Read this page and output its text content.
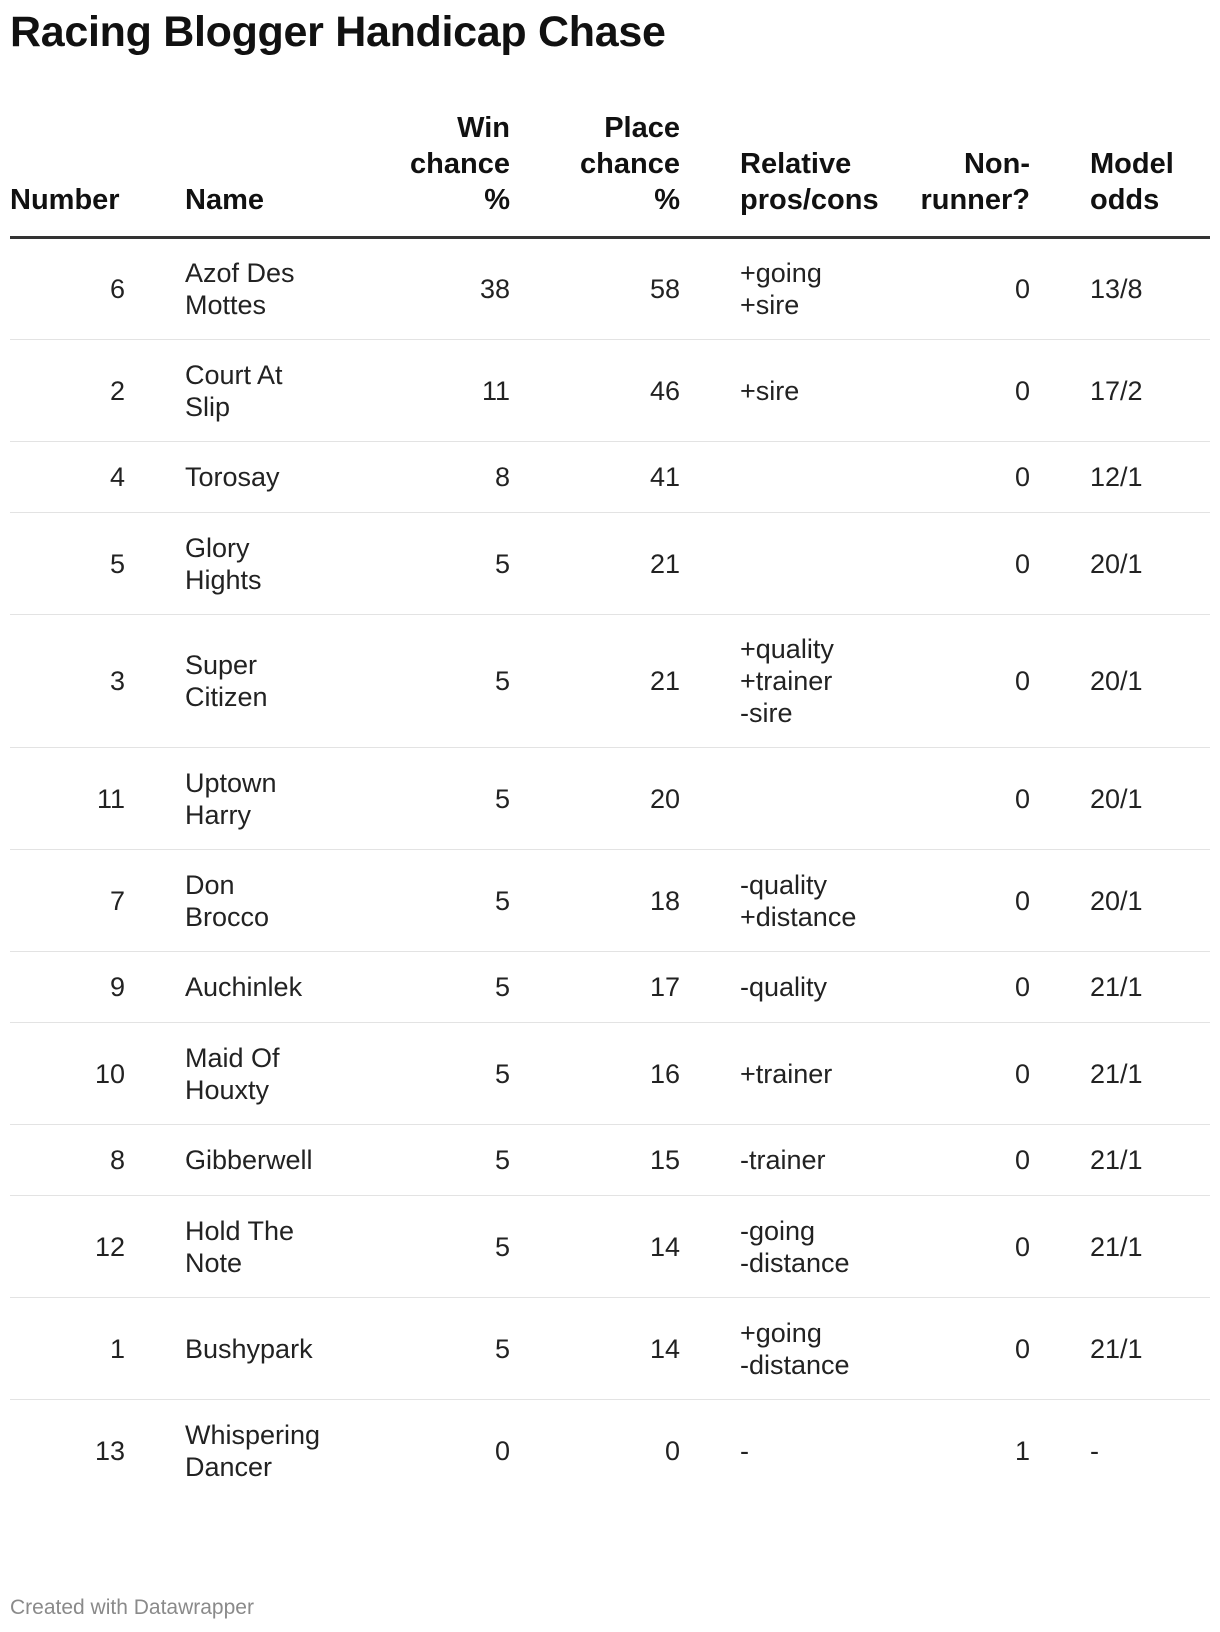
Racing Blogger Handicap Chase
Number	Name	Win
chance
%	Place
chance
%	Relative
pros/cons	Non-
runner?	Model
odds
6	Azof Des
Mottes	38	58	+going
+sire	0	13/8
2	Court At
Slip	11	46	+sire	0	17/2
4	Torosay	8	41		0	12/1
5	Glory
Hights	5	21		0	20/1
3	Super
Citizen	5	21	+quality
+trainer
-sire	0	20/1
11	Uptown
Harry	5	20		0	20/1
7	Don
Brocco	5	18	-quality
+distance	0	20/1
9	Auchinlek	5	17	-quality	0	21/1
10	Maid Of
Houxty	5	16	+trainer	0	21/1
8	Gibberwell	5	15	-trainer	0	21/1
12	Hold The
Note	5	14	-going
-distance	0	21/1
1	Bushypark	5	14	+going
-distance	0	21/1
13	Whispering
Dancer	0	0	-	1	-
Created with Datawrapper
